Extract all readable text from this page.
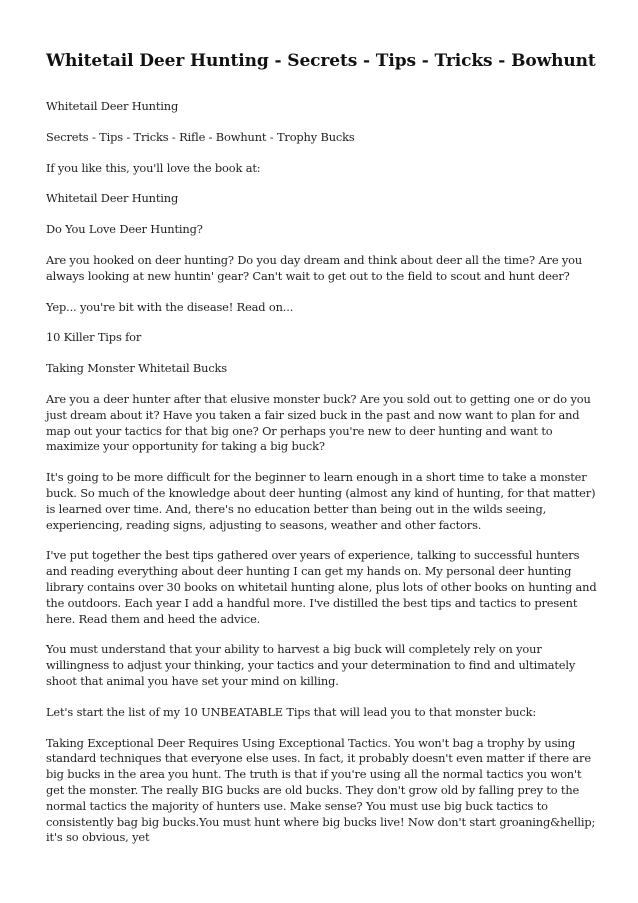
Whitetail Deer Hunting - Secrets - Tips - Tricks - Bowhunt

Whitetail Deer Hunting

Secrets - Tips - Tricks - Rifle - Bowhunt - Trophy Bucks

If you like this, you'll love the book at:

Whitetail Deer Hunting

Do You Love Deer Hunting?

Are you hooked on deer hunting? Do you day dream and think about deer all the time? Are you always looking at new huntin' gear? Can't wait to get out to the field to scout and hunt deer?

Yep... you're bit with the disease! Read on...

10 Killer Tips for

Taking Monster Whitetail Bucks

Are you a deer hunter after that elusive monster buck? Are you sold out to getting one or do you just dream about it? Have you taken a fair sized buck in the past and now want to plan for and map out your tactics for that big one? Or perhaps you're new to deer hunting and want to maximize your opportunity for taking a big buck?

It's going to be more difficult for the beginner to learn enough in a short time to take a monster buck. So much of the knowledge about deer hunting (almost any kind of hunting, for that matter) is learned over time. And, there's no education better than being out in the wilds seeing, experiencing, reading signs, adjusting to seasons, weather and other factors.

I've put together the best tips gathered over years of experience, talking to successful hunters and reading everything about deer hunting I can get my hands on. My personal deer hunting library contains over 30 books on whitetail hunting alone, plus lots of other books on hunting and the outdoors. Each year I add a handful more. I've distilled the best tips and tactics to present here. Read them and heed the advice.

You must understand that your ability to harvest a big buck will completely rely on your willingness to adjust your thinking, your tactics and your determination to find and ultimately shoot that animal you have set your mind on killing.

Let's start the list of my 10 UNBEATABLE Tips that will lead you to that monster buck:

Taking Exceptional Deer Requires Using Exceptional Tactics. You won't bag a trophy by using standard techniques that everyone else uses. In fact, it probably doesn't even matter if there are big bucks in the area you hunt. The truth is that if you're using all the normal tactics you won't get the monster. The really BIG bucks are old bucks. They don't grow old by falling prey to the normal tactics the majority of hunters use. Make sense? You must use big buck tactics to consistently bag big bucks.You must hunt where big bucks live! Now don't start groaning&hellip; it's so obvious, yet
